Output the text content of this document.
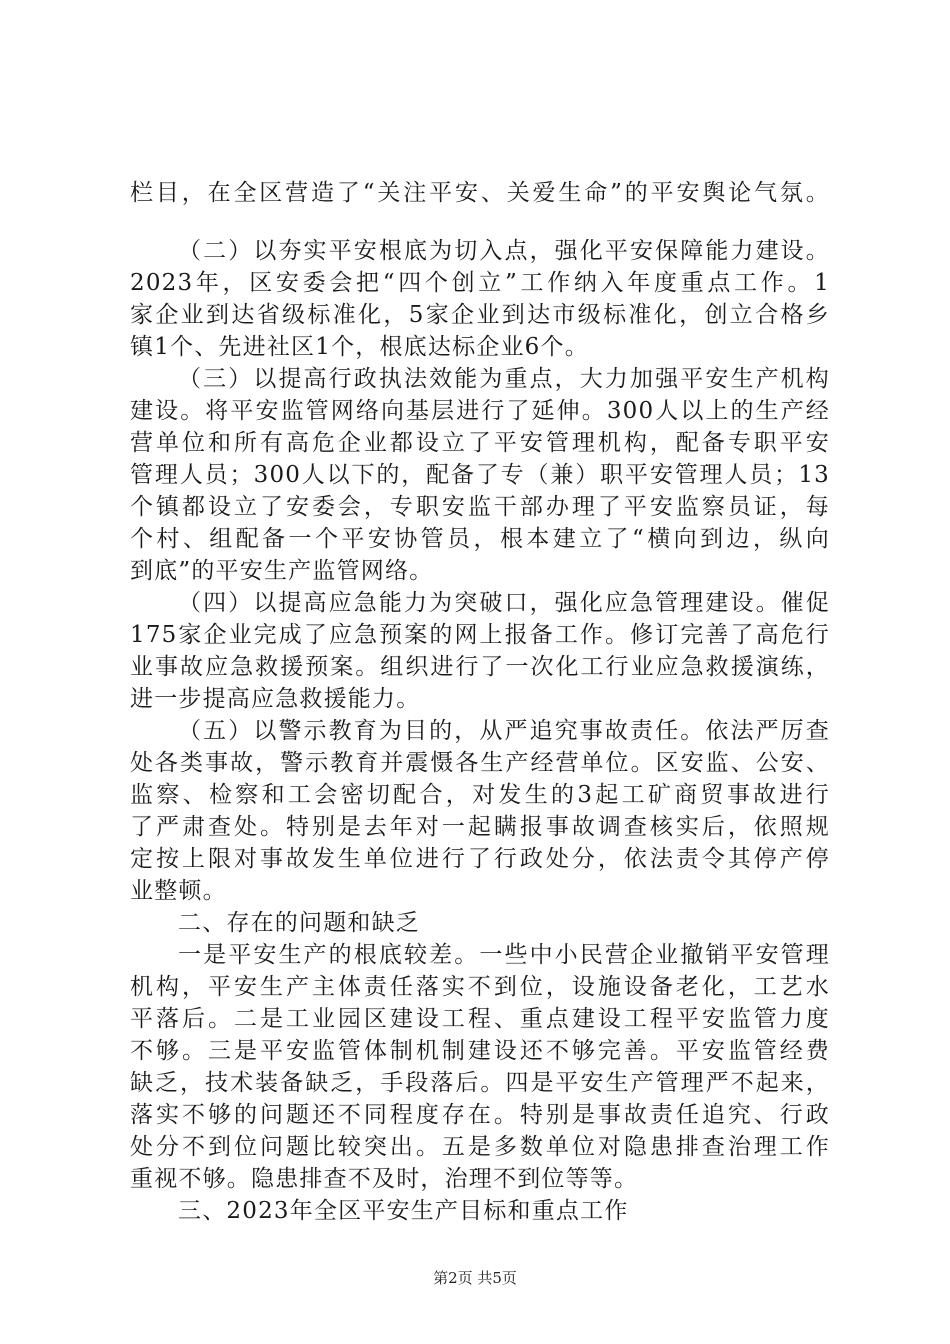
栏目，在全区营造了“关注平安、关爱生命”的平安舆论气氛。
（二）以夯实平安根底为切入点，强化平安保障能力建设。
2023年，区安委会把“四个创立”工作纳入年度重点工作。1
家企业到达省级标准化，5家企业到达市级标准化，创立合格乡
镇1个、先进社区1个，根底达标企业6个。
（三）以提高行政执法效能为重点，大力加强平安生产机构
建设。将平安监管网络向基层进行了延伸。300人以上的生产经
营单位和所有高危企业都设立了平安管理机构，配备专职平安
管理人员；300人以下的，配备了专（兼）职平安管理人员；13
个镇都设立了安委会，专职安监干部办理了平安监察员证，每
个村、组配备一个平安协管员，根本建立了“横向到边，纵向
到底”的平安生产监管网络。
（四）以提高应急能力为突破口，强化应急管理建设。催促
175家企业完成了应急预案的网上报备工作。修订完善了高危行
业事故应急救援预案。组织进行了一次化工行业应急救援演练，
进一步提高应急救援能力。
（五）以警示教育为目的，从严追究事故责任。依法严厉查
处各类事故，警示教育并震慑各生产经营单位。区安监、公安、
监察、检察和工会密切配合，对发生的3起工矿商贸事故进行
了严肃查处。特别是去年对一起瞒报事故调查核实后，依照规
定按上限对事故发生单位进行了行政处分，依法责令其停产停
业整顿。
二、存在的问题和缺乏
一是平安生产的根底较差。一些中小民营企业撤销平安管理
机构，平安生产主体责任落实不到位，设施设备老化，工艺水
平落后。二是工业园区建设工程、重点建设工程平安监管力度
不够。三是平安监管体制机制建设还不够完善。平安监管经费
缺乏，技术装备缺乏，手段落后。四是平安生产管理严不起来，
落实不够的问题还不同程度存在。特别是事故责任追究、行政
处分不到位问题比较突出。五是多数单位对隐患排查治理工作
重视不够。隐患排查不及时，治理不到位等等。
三、2023年全区平安生产目标和重点工作
第2页 共5页
